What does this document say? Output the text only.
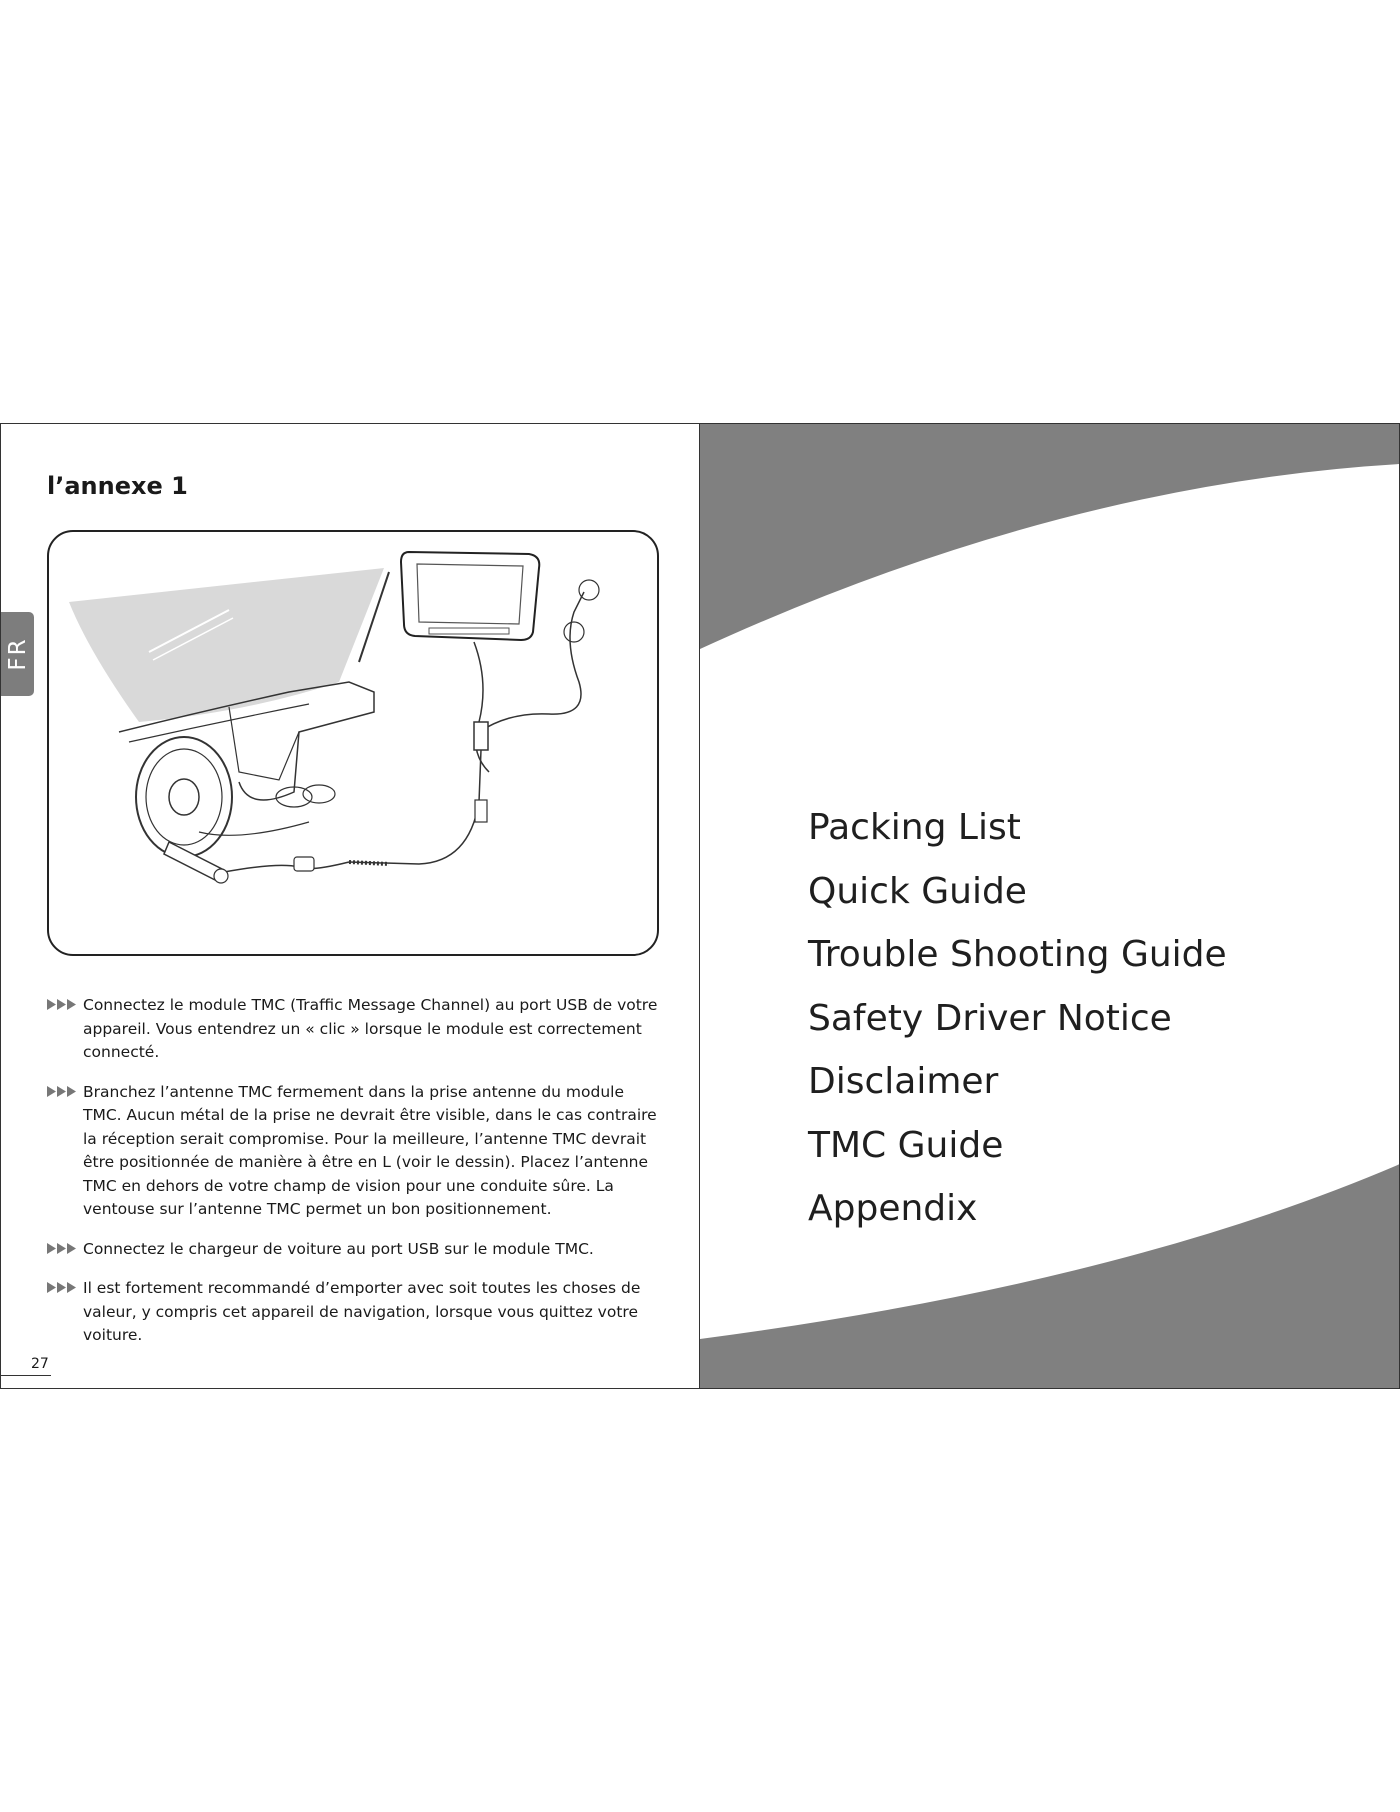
FR
l’annexe 1
Connectez le module TMC (Traffic Message Channel) au port USB de votre appareil. Vous entendrez un « clic » lorsque le module est correctement connecté.
Branchez l’antenne TMC fermement dans la prise antenne du module TMC. Aucun métal de la prise ne devrait être visible, dans le cas contraire la réception serait compromise. Pour la meilleure, l’antenne TMC devrait être positionnée de manière à être en L (voir le dessin). Placez l’antenne TMC en dehors de votre champ de vision pour une conduite sûre. La ventouse sur l’antenne TMC permet un bon positionnement.
Connectez le chargeur de voiture au port USB sur le module TMC.
Il est fortement recommandé d’emporter avec soit toutes les choses de valeur, y compris cet appareil de navigation, lorsque vous quittez votre voiture.
27
Packing List
Quick Guide
Trouble Shooting Guide
Safety Driver Notice
Disclaimer
TMC Guide
Appendix
